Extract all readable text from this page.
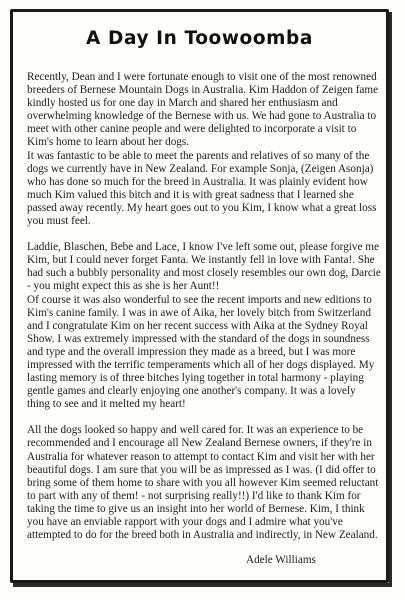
A Day In Toowoomba

Recently, Dean and I were fortunate enough to visit one of the most renowned breeders of Bernese Mountain Dogs in Australia. Kim Haddon of Zeigen fame kindly hosted us for one day in March and shared her enthusiasm and overwhelming knowledge of the Bernese with us. We had gone to Australia to meet with other canine people and were delighted to incorporate a visit to Kim's home to learn about her dogs.

It was fantastic to be able to meet the parents and relatives of so many of the dogs we currently have in New Zealand. For example Sonja, (Zeigen Asonja) who has done so much for the breed in Australia. It was plainly evident how much Kim valued this bitch and it is with great sadness that I learned she passed away recently. My heart goes out to you Kim, I know what a great loss you must feel.

Laddie, Blaschen, Bebe and Lace, I know I've left some out, please forgive me Kim, but I could never forget Fanta. We instantly fell in love with Fanta!. She had such a bubbly personality and most closely resembles our own dog, Darcie - you might expect this as she is her Aunt!!

Of course it was also wonderful to see the recent imports and new editions to Kim's canine family. I was in awe of Aika, her lovely bitch from Switzerland and I congratulate Kim on her recent success with Aika at the Sydney Royal Show. I was extremely impressed with the standard of the dogs in soundness and type and the overall impression they made as a breed, but I was more impressed with the terrific temperaments which all of her dogs displayed. My lasting memory is of three bitches lying together in total harmony - playing gentle games and clearly enjoying one another's company. It was a lovely thing to see and it melted my heart!

All the dogs looked so happy and well cared for. It was an experience to be recommended and I encourage all New Zealand Bernese owners, if they're in Australia for whatever reason to attempt to contact Kim and visit her with her beautiful dogs. I am sure that you will be as impressed as I was. (I did offer to bring some of them home to share with you all however Kim seemed reluctant to part with any of them! - not surprising really!!) I'd like to thank Kim for taking the time to give us an insight into her world of Bernese. Kim, I think you have an enviable rapport with your dogs and I admire what you've attempted to do for the breed both in Australia and indirectly, in New Zealand.

Adele Williams
